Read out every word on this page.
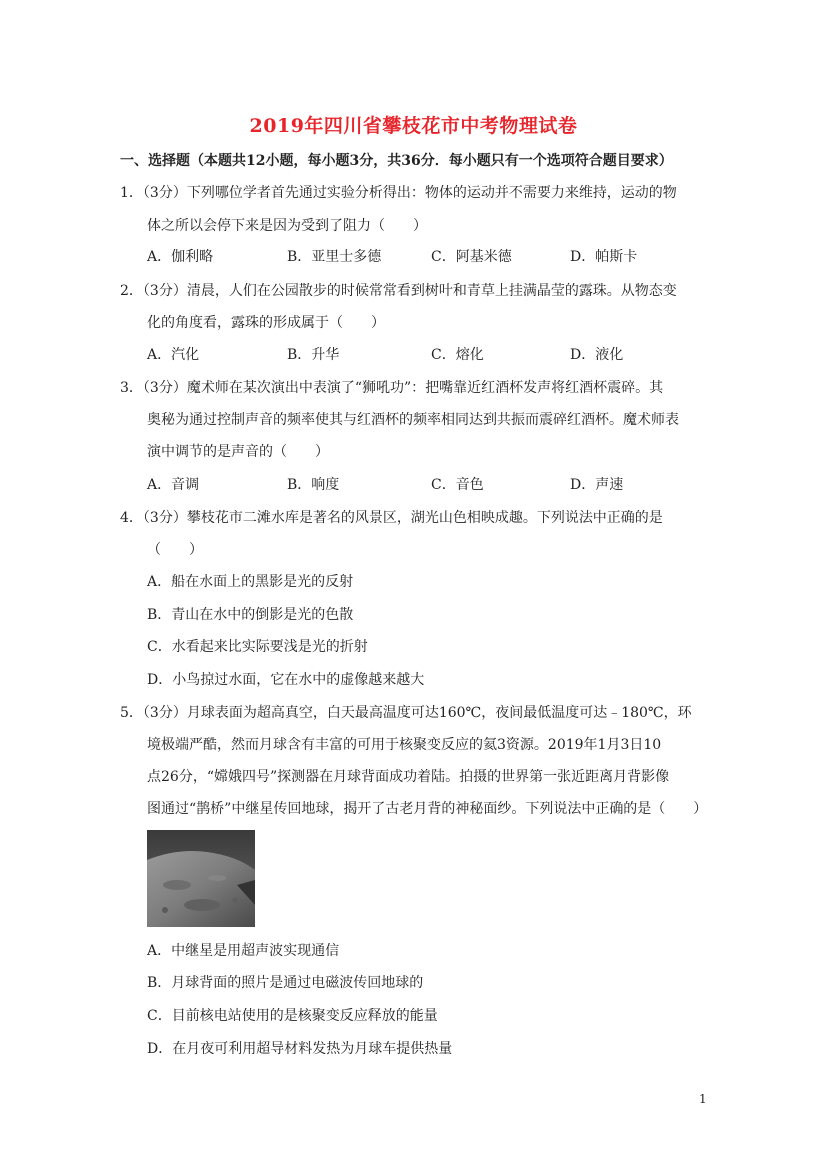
2019年四川省攀枝花市中考物理试卷
一、选择题（本题共12小题，每小题3分，共36分．每小题只有一个选项符合题目要求）
1．（3分）下列哪位学者首先通过实验分析得出：物体的运动并不需要力来维持，运动的物
体之所以会停下来是因为受到了阻力（　　）
A．伽利略	B．亚里士多德	C．阿基米德	D．帕斯卡
2．（3分）清晨，人们在公园散步的时候常常看到树叶和青草上挂满晶莹的露珠。从物态变
化的角度看，露珠的形成属于（　　）
A．汽化	B．升华	C．熔化	D．液化
3．（3分）魔术师在某次演出中表演了“狮吼功”：把嘴靠近红酒杯发声将红酒杯震碎。其
奥秘为通过控制声音的频率使其与红酒杯的频率相同达到共振而震碎红酒杯。魔术师表
演中调节的是声音的（　　）
A．音调	B．响度	C．音色	D．声速
4．（3分）攀枝花市二滩水库是著名的风景区，湖光山色相映成趣。下列说法中正确的是
（　　）
A．船在水面上的黑影是光的反射
B．青山在水中的倒影是光的色散
C．水看起来比实际要浅是光的折射
D．小鸟掠过水面，它在水中的虚像越来越大
5．（3分）月球表面为超高真空，白天最高温度可达160℃，夜间最低温度可达﹣180℃，环
境极端严酷，然而月球含有丰富的可用于核聚变反应的氦3资源。2019年1月3日10
点26分，“嫦娥四号”探测器在月球背面成功着陆。拍摄的世界第一张近距离月背影像
图通过“鹊桥”中继星传回地球，揭开了古老月背的神秘面纱。下列说法中正确的是（　　）
A．中继星是用超声波实现通信
B．月球背面的照片是通过电磁波传回地球的
C．目前核电站使用的是核聚变反应释放的能量
D．在月夜可利用超导材料发热为月球车提供热量
1
